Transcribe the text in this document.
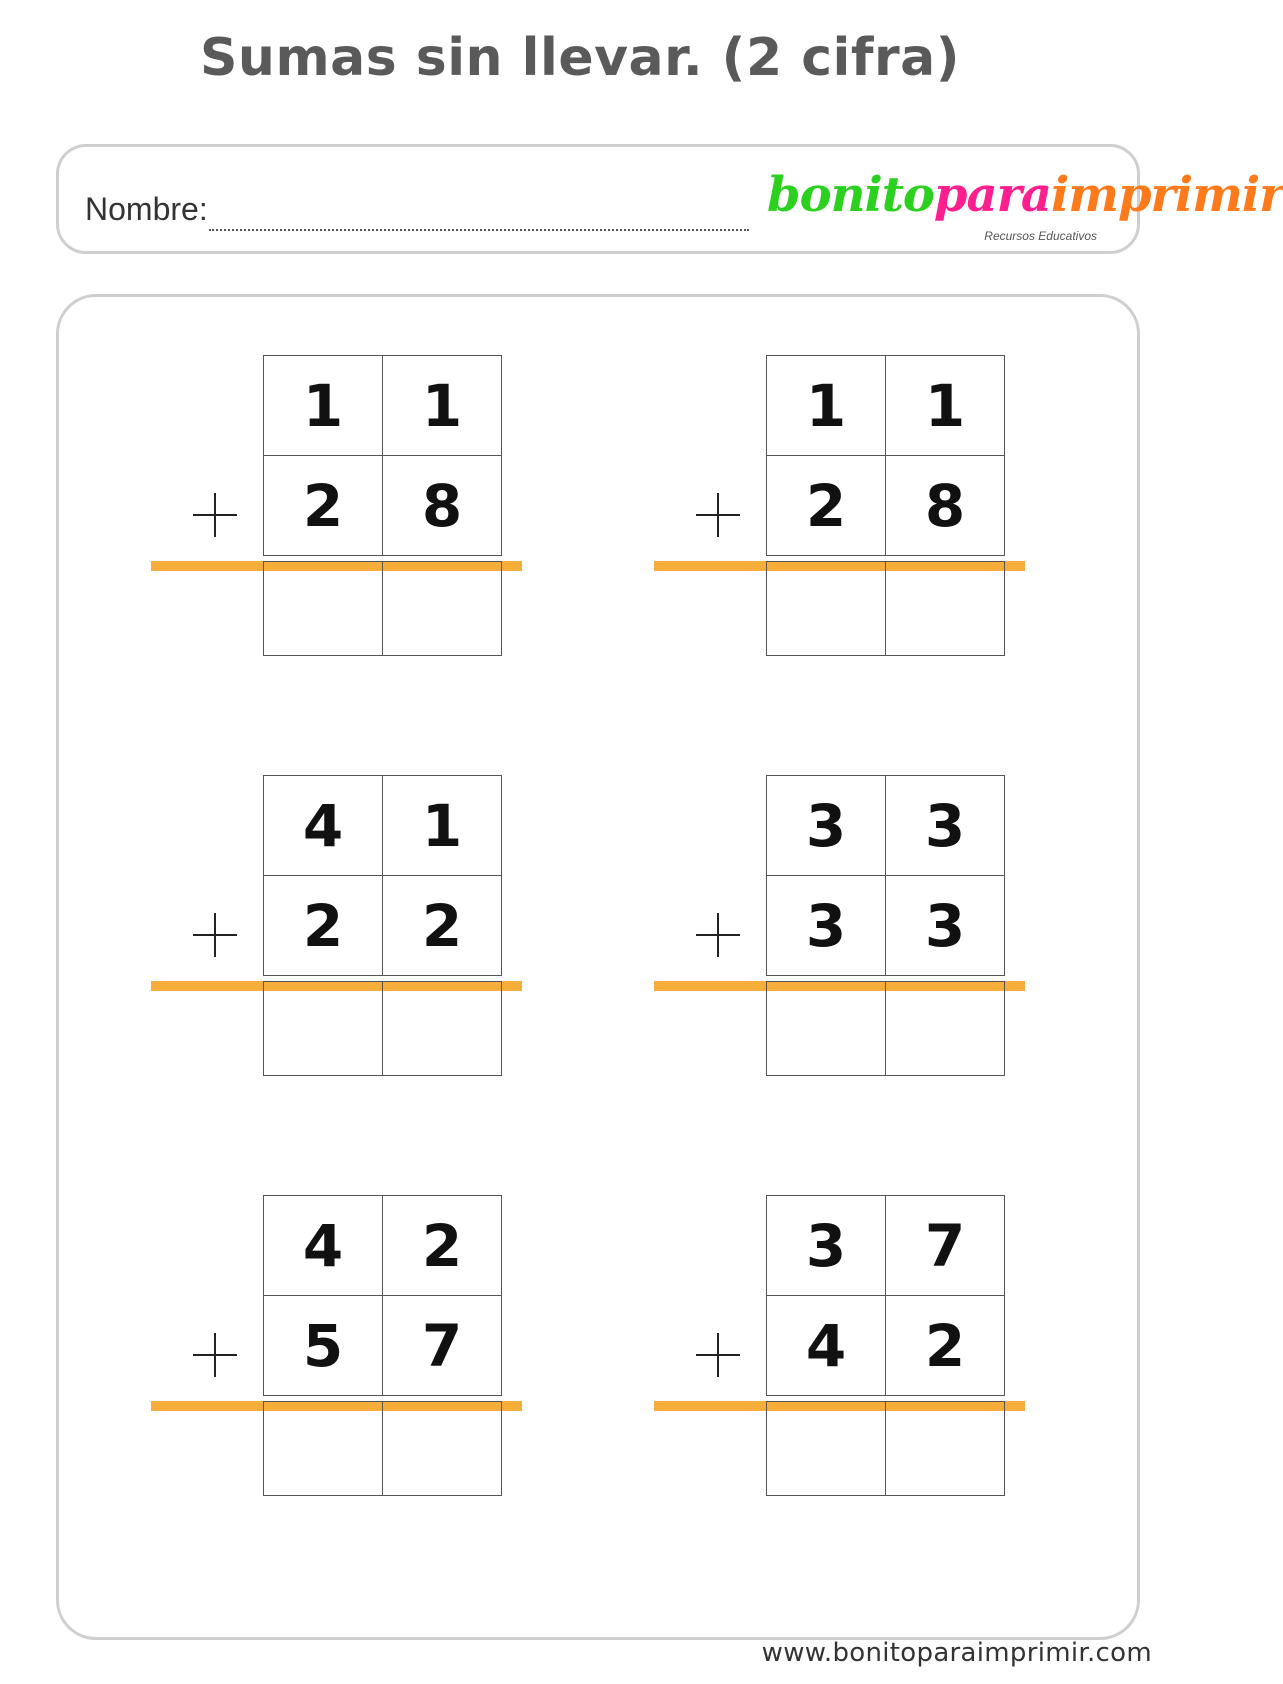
Sumas sin llevar. (2 cifra)
Nombre:	bonitoparaimprimir
Recursos Educativos
1	1
2	8
1	1
2	8
4	1
2	2
3	3
3	3
4	2
5	7
3	7
4	2
www.bonitoparaimprimir.com
